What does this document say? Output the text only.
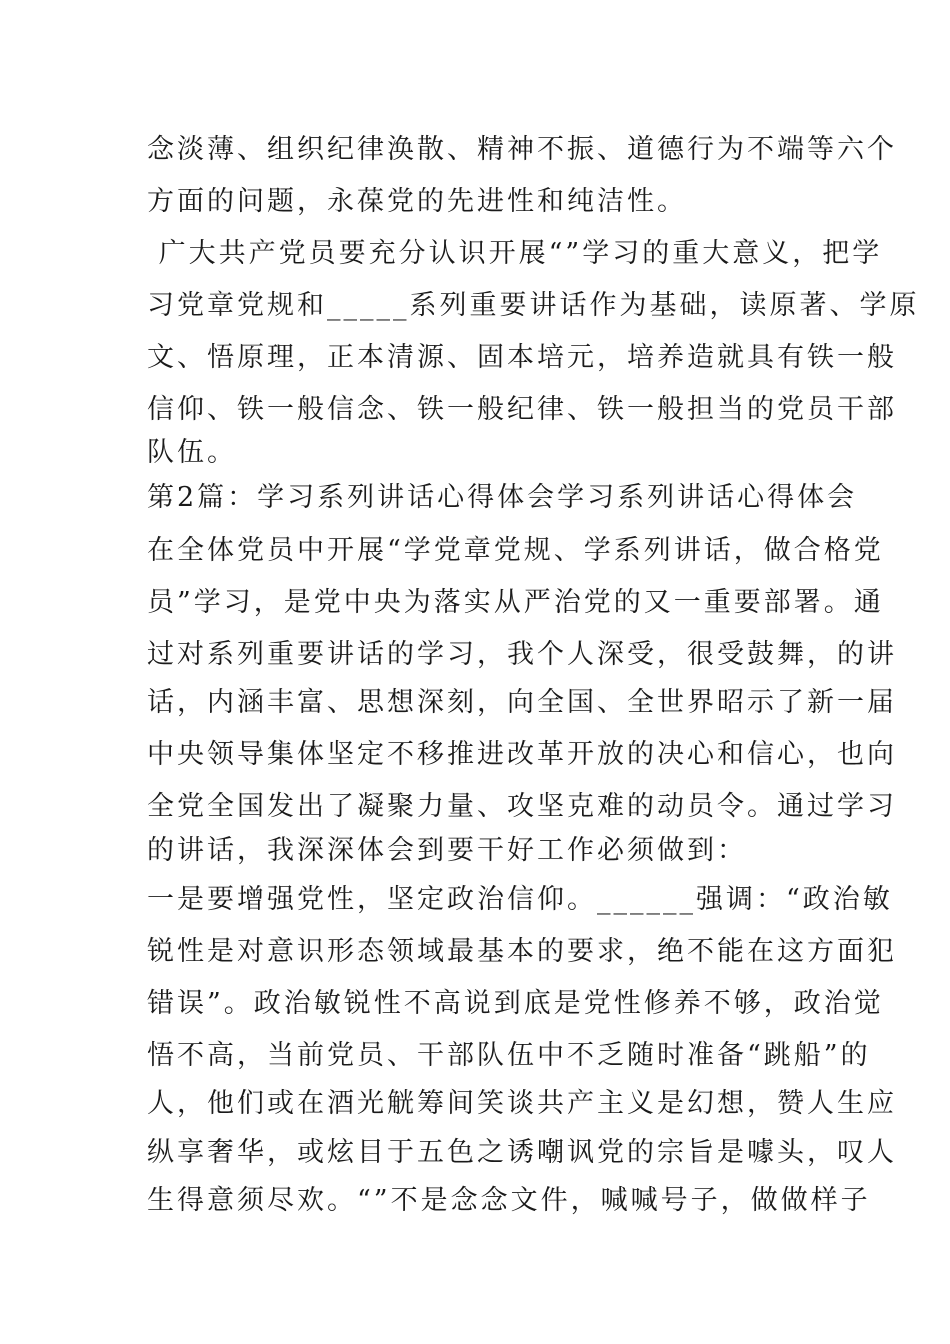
念淡薄、组织纪律涣散、精神不振、道德行为不端等六个
方面的问题，永葆党的先进性和纯洁性。
广大共产党员要充分认识开展“”学习的重大意义，把学
习党章党规和_____系列重要讲话作为基础，读原著、学原
文、悟原理，正本清源、固本培元，培养造就具有铁一般
信仰、铁一般信念、铁一般纪律、铁一般担当的党员干部
队伍。
第2篇：学习系列讲话心得体会学习系列讲话心得体会
在全体党员中开展“学党章党规、学系列讲话，做合格党
员”学习，是党中央为落实从严治党的又一重要部署。通
过对系列重要讲话的学习，我个人深受，很受鼓舞，的讲
话，内涵丰富、思想深刻，向全国、全世界昭示了新一届
中央领导集体坚定不移推进改革开放的决心和信心，也向
全党全国发出了凝聚力量、攻坚克难的动员令。通过学习
的讲话，我深深体会到要干好工作必须做到：
一是要增强党性，坚定政治信仰。______强调：“政治敏
锐性是对意识形态领域最基本的要求，绝不能在这方面犯
错误”。政治敏锐性不高说到底是党性修养不够，政治觉
悟不高，当前党员、干部队伍中不乏随时准备“跳船”的
人，他们或在酒光觥筹间笑谈共产主义是幻想，赞人生应
纵享奢华，或炫目于五色之诱嘲讽党的宗旨是噱头，叹人
生得意须尽欢。“”不是念念文件，喊喊号子，做做样子
